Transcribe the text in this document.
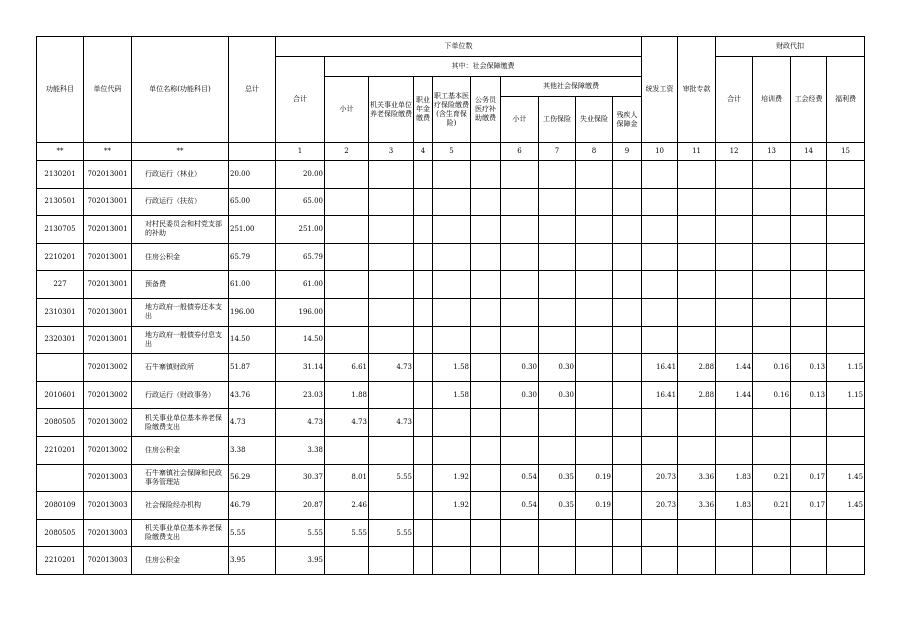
功能科目	单位代码	单位名称(功能科目)	总计	下单位数										统发工资	审批专款	财政代扣			
				合计	其中：社会保障缴费											合计	培训费	工会经费	福利费
					小计	机关事业单位养老保险缴费	职业年金缴费	职工基本医疗保险缴费(含生育保险)	公务员医疗补助缴费	其他社会保障缴费									
										小计	工伤保险	失业保险	残疾人保障金						
**	**	**		1	2	3	4	5		6	7	8	9	10	11	12	13	14	15
2130201	702013001	行政运行（林业）	20.00	20.00															
2130501	702013001	行政运行（扶贫）	65.00	65.00															
2130705	702013001	对村民委员会和村党支部的补助	251.00	251.00															
2210201	702013001	住房公积金	65.79	65.79															
227	702013001	预备费	61.00	61.00															
2310301	702013001	地方政府一般债券还本支出	196.00	196.00															
2320301	702013001	地方政府一般债券付息支出	14.50	14.50															
	702013002	石牛寨镇财政所	51.87	31.14	6.61	4.73		1.58		0.30	0.30			16.41	2.88	1.44	0.16	0.13	1.15
2010601	702013002	行政运行（财政事务）	43.76	23.03	1.88			1.58		0.30	0.30			16.41	2.88	1.44	0.16	0.13	1.15
2080505	702013002	机关事业单位基本养老保险缴费支出	4.73	4.73	4.73	4.73													
2210201	702013002	住房公积金	3.38	3.38															
	702013003	石牛寨镇社会保障和民政事务管理站	56.29	30.37	8.01	5.55		1.92		0.54	0.35	0.19		20.73	3.36	1.83	0.21	0.17	1.45
2080109	702013003	社会保险经办机构	46.79	20.87	2.46			1.92		0.54	0.35	0.19		20.73	3.36	1.83	0.21	0.17	1.45
2080505	702013003	机关事业单位基本养老保险缴费支出	5.55	5.55	5.55	5.55													
2210201	702013003	住房公积金	3.95	3.95															
